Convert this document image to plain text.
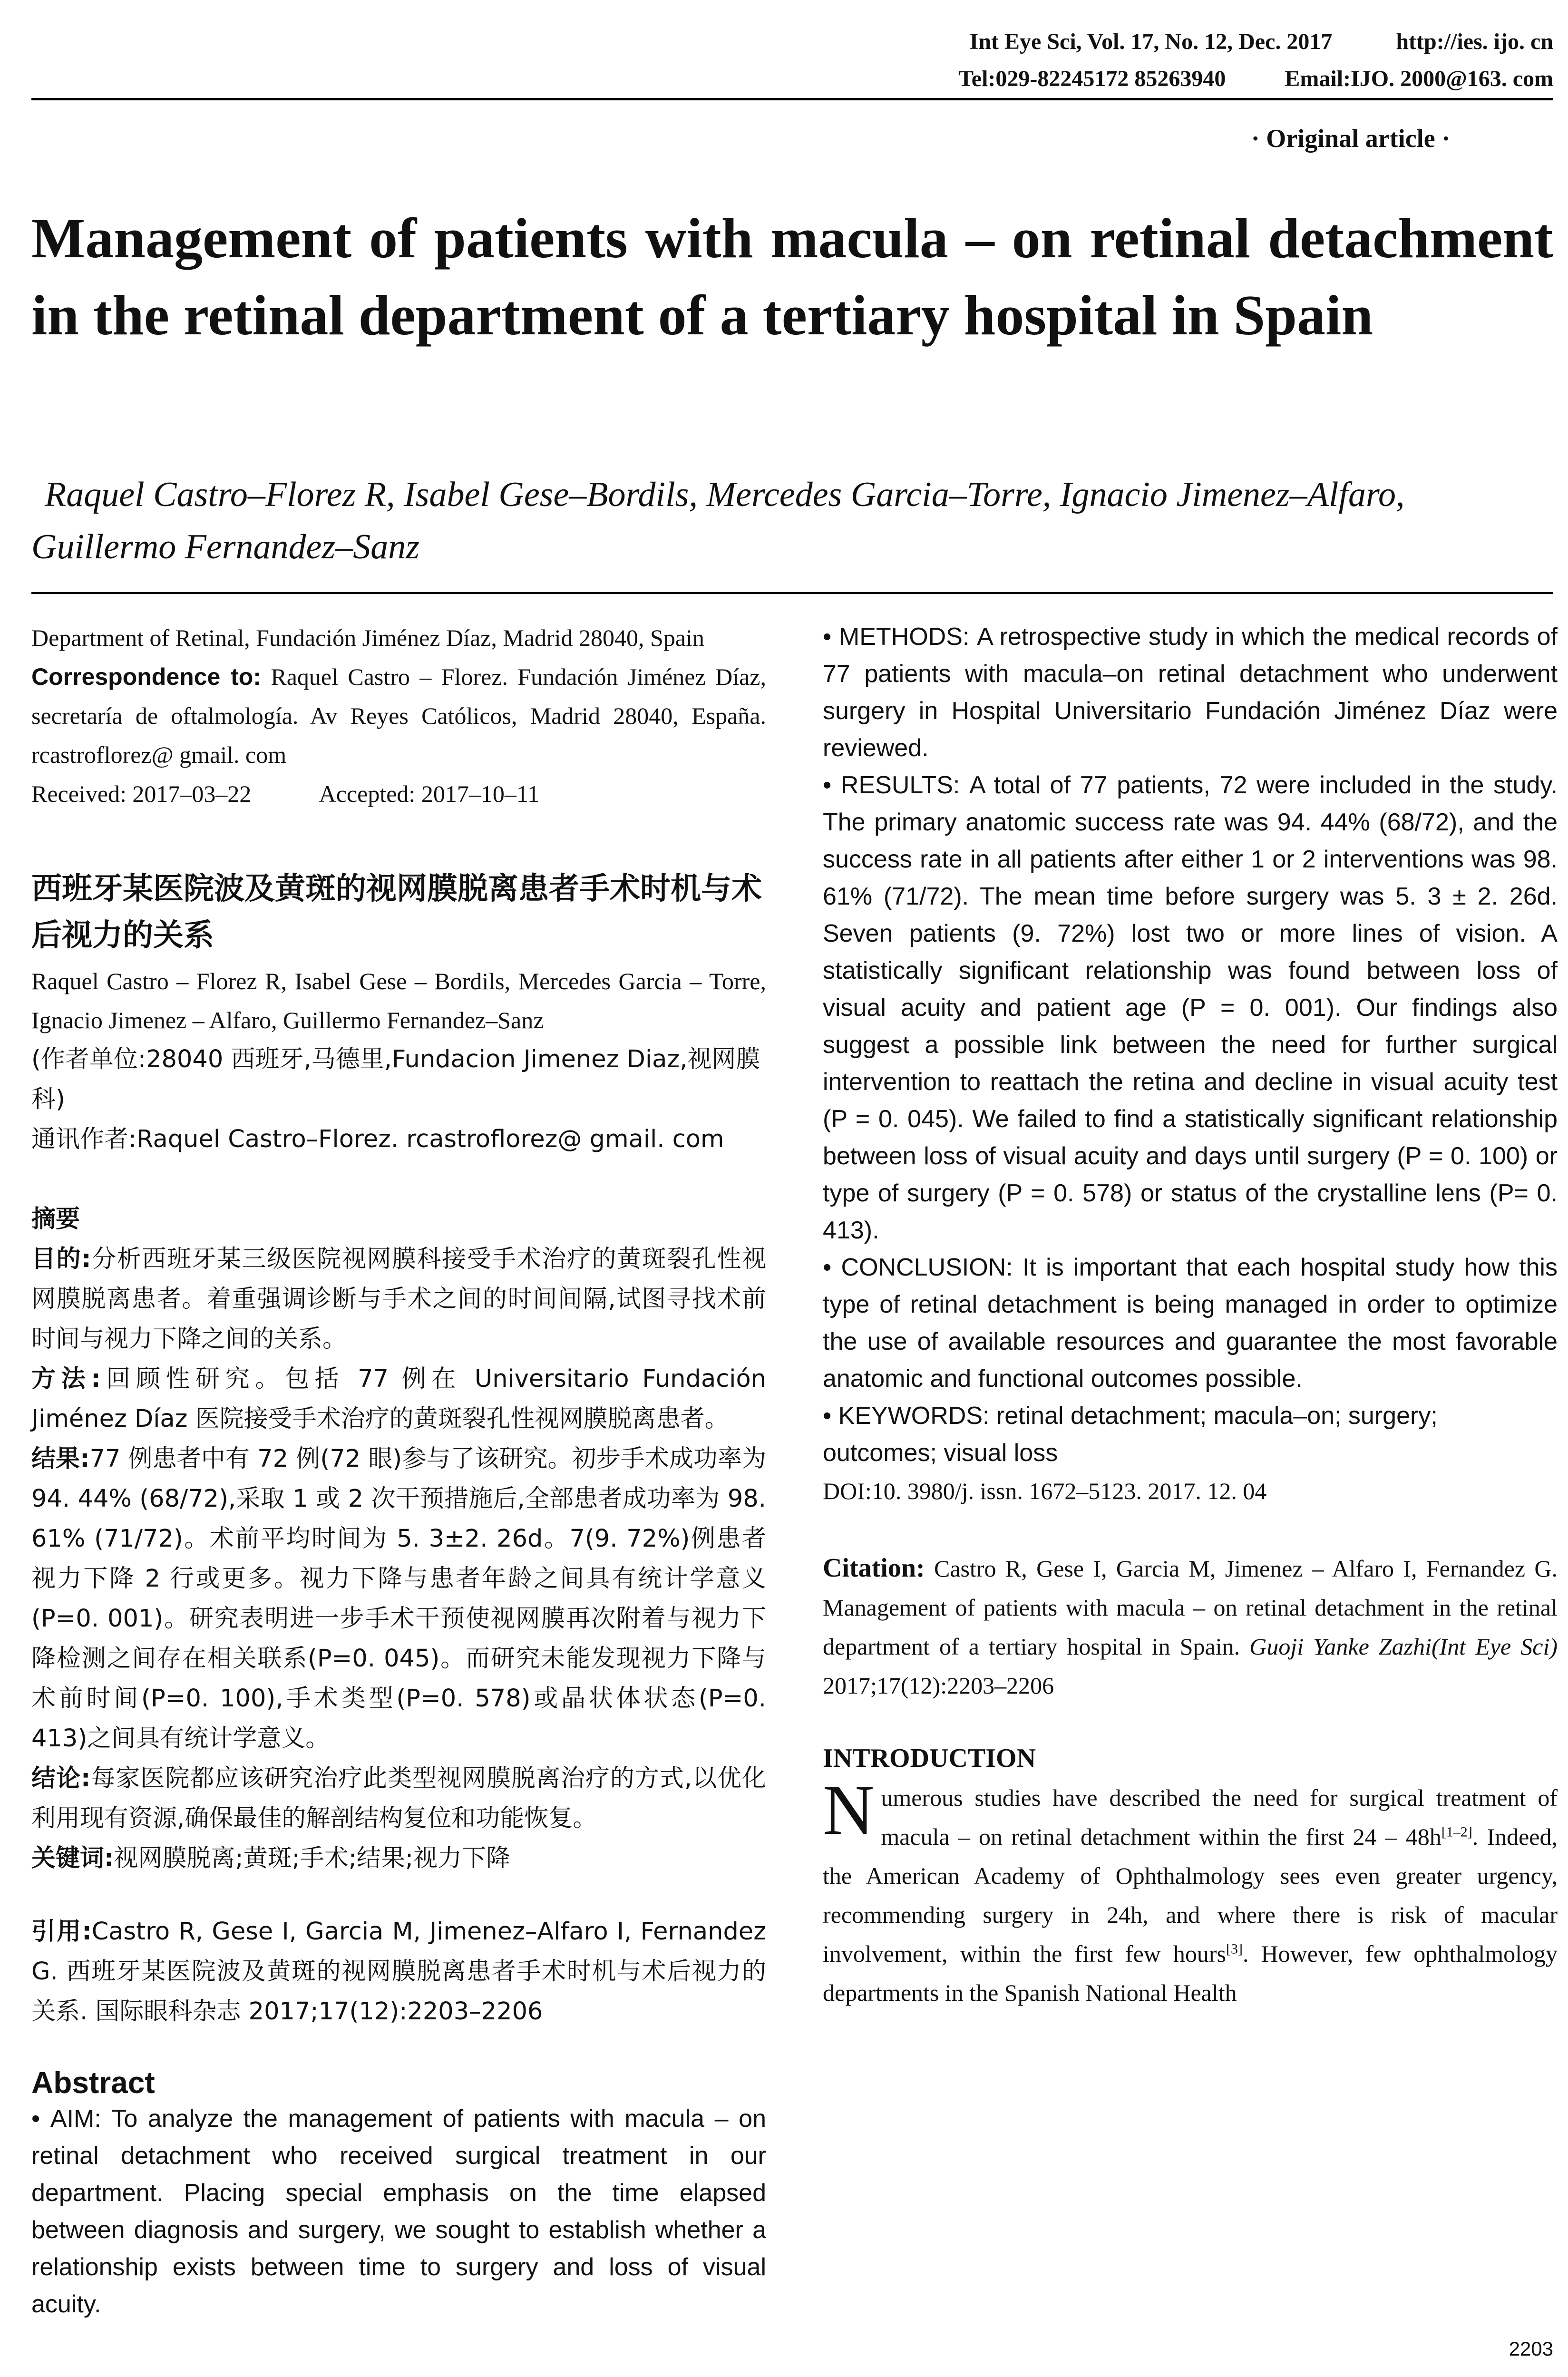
Int Eye Sci, Vol. 17, No. 12, Dec. 2017	http://ies. ijo. cn
Tel:029-82245172 85263940	Email:IJO. 2000@163. com
· Original article ·
Management of patients with macula – on retinal detachment in the retinal department of a tertiary hospital in Spain
Raquel Castro–Florez R, Isabel Gese–Bordils, Mercedes Garcia–Torre, Ignacio Jimenez–Alfaro, Guillermo Fernandez–Sanz
Department of Retinal, Fundación Jiménez Díaz, Madrid 28040, Spain
Correspondence to: Raquel Castro – Florez. Fundación Jiménez Díaz, secretaría de oftalmología. Av Reyes Católicos, Madrid 28040, España. rcastroflorez@ gmail. com
Received: 2017–03–22	Accepted: 2017–10–11
西班牙某医院波及黄斑的视网膜脱离患者手术时机与术后视力的关系
Raquel Castro – Florez R, Isabel Gese – Bordils, Mercedes Garcia – Torre, Ignacio Jimenez – Alfaro, Guillermo Fernandez–Sanz
(作者单位:28040 西班牙,马德里,Fundacion Jimenez Diaz,视网膜科)
通讯作者:Raquel Castro–Florez. rcastroflorez@ gmail. com
摘要
目的:分析西班牙某三级医院视网膜科接受手术治疗的黄斑裂孔性视网膜脱离患者。着重强调诊断与手术之间的时间间隔,试图寻找术前时间与视力下降之间的关系。
方法:回顾性研究。包括 77 例在 Universitario Fundación Jiménez Díaz 医院接受手术治疗的黄斑裂孔性视网膜脱离患者。
结果:77 例患者中有 72 例(72 眼)参与了该研究。初步手术成功率为 94. 44% (68/72),采取 1 或 2 次干预措施后,全部患者成功率为 98. 61% (71/72)。术前平均时间为 5. 3±2. 26d。7(9. 72%)例患者视力下降 2 行或更多。视力下降与患者年龄之间具有统计学意义(P=0. 001)。研究表明进一步手术干预使视网膜再次附着与视力下降检测之间存在相关联系(P=0. 045)。而研究未能发现视力下降与术前时间(P=0. 100),手术类型(P=0. 578)或晶状体状态(P=0. 413)之间具有统计学意义。
结论:每家医院都应该研究治疗此类型视网膜脱离治疗的方式,以优化利用现有资源,确保最佳的解剖结构复位和功能恢复。
关键词:视网膜脱离;黄斑;手术;结果;视力下降
引用:Castro R, Gese I, Garcia M, Jimenez–Alfaro I, Fernandez G. 西班牙某医院波及黄斑的视网膜脱离患者手术时机与术后视力的关系. 国际眼科杂志 2017;17(12):2203–2206
Abstract
• AIM: To analyze the management of patients with macula – on retinal detachment who received surgical treatment in our department. Placing special emphasis on the time elapsed between diagnosis and surgery, we sought to establish whether a relationship exists between time to surgery and loss of visual acuity.
• METHODS: A retrospective study in which the medical records of 77 patients with macula–on retinal detachment who underwent surgery in Hospital Universitario Fundación Jiménez Díaz were reviewed.
• RESULTS: A total of 77 patients, 72 were included in the study. The primary anatomic success rate was 94. 44% (68/72), and the success rate in all patients after either 1 or 2 interventions was 98. 61% (71/72). The mean time before surgery was 5. 3 ± 2. 26d. Seven patients (9. 72%) lost two or more lines of vision. A statistically significant relationship was found between loss of visual acuity and patient age (P = 0. 001). Our findings also suggest a possible link between the need for further surgical intervention to reattach the retina and decline in visual acuity test (P = 0. 045). We failed to find a statistically significant relationship between loss of visual acuity and days until surgery (P = 0. 100) or type of surgery (P = 0. 578) or status of the crystalline lens (P= 0. 413).
• CONCLUSION: It is important that each hospital study how this type of retinal detachment is being managed in order to optimize the use of available resources and guarantee the most favorable anatomic and functional outcomes possible.
• KEYWORDS: retinal detachment; macula–on; surgery; outcomes; visual loss
DOI:10. 3980/j. issn. 1672–5123. 2017. 12. 04
Citation: Castro R, Gese I, Garcia M, Jimenez – Alfaro I, Fernandez G. Management of patients with macula – on retinal detachment in the retinal department of a tertiary hospital in Spain. Guoji Yanke Zazhi(Int Eye Sci) 2017;17(12):2203–2206
INTRODUCTION
Numerous studies have described the need for surgical treatment of macula – on retinal detachment within the first 24 – 48h[1–2]. Indeed, the American Academy of Ophthalmology sees even greater urgency, recommending surgery in 24h, and where there is risk of macular involvement, within the first few hours[3]. However, few ophthalmology departments in the Spanish National Health
2203
